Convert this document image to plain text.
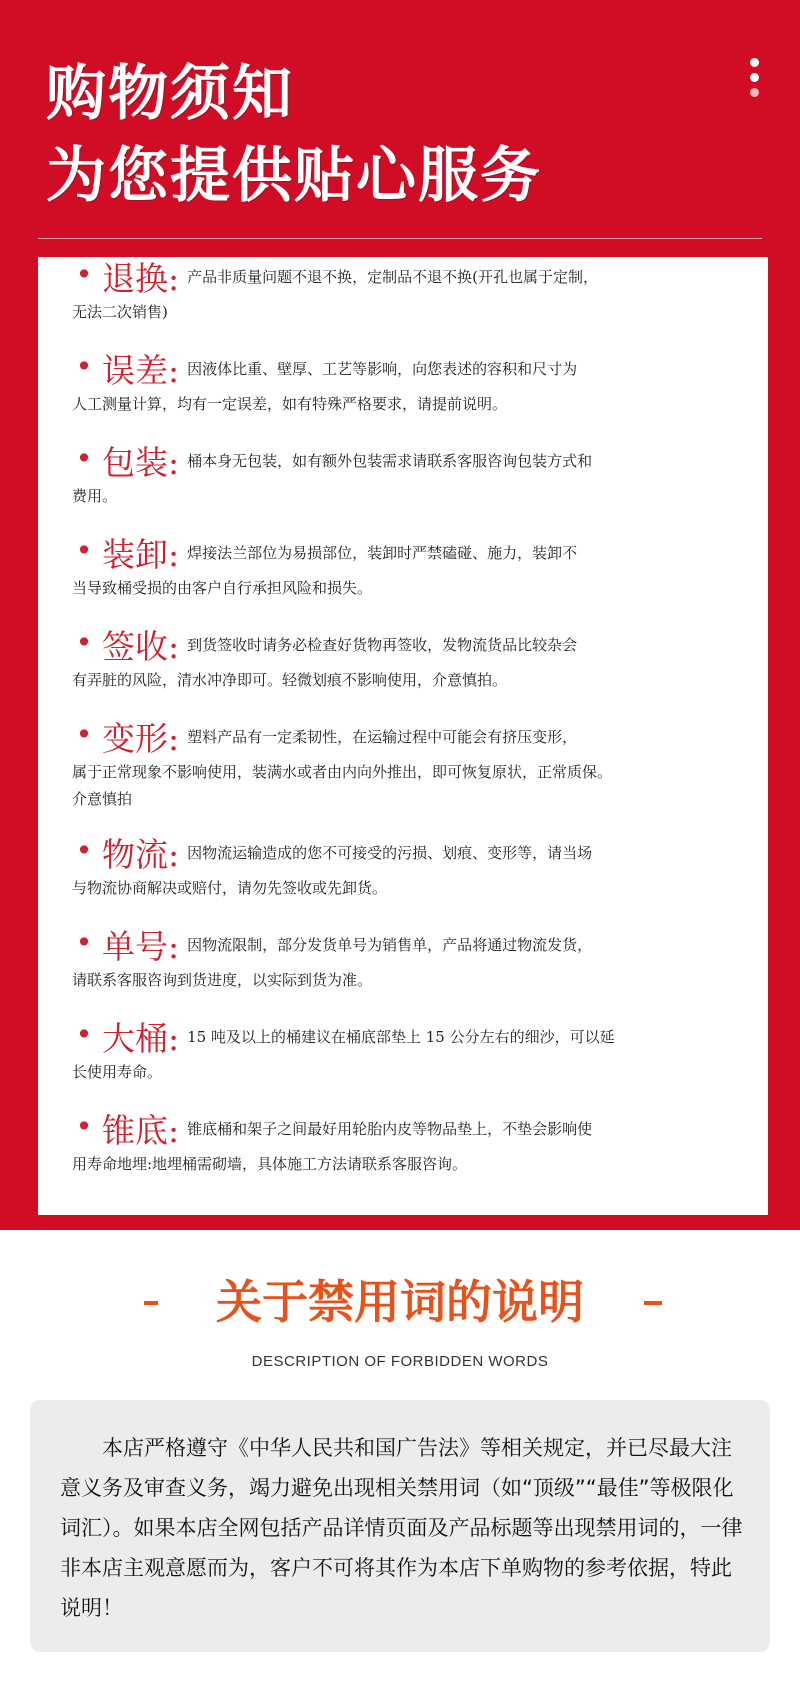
购物须知
为您提供贴心服务
• 退换: 产品非质量问题不退不换，定制品不退不换(开孔也属于定制，

无法二次销售)

• 误差: 因液体比重、壁厚、工艺等影响，向您表述的容积和尺寸为

人工测量计算，均有一定误差，如有特殊严格要求，请提前说明。

• 包装: 桶本身无包装，如有额外包装需求请联系客服咨询包装方式和

费用。

• 装卸: 焊接法兰部位为易损部位，装卸时严禁磕碰、施力，装卸不

当导致桶受损的由客户自行承担风险和损失。

• 签收: 到货签收时请务必检查好货物再签收，发物流货品比较杂会

有弄脏的风险，清水冲净即可。轻微划痕不影响使用，介意慎拍。

• 变形: 塑料产品有一定柔韧性，在运输过程中可能会有挤压变形，

属于正常现象不影响使用，装满水或者由内向外推出，即可恢复原状，正常质保。

介意慎拍

• 物流: 因物流运输造成的您不可接受的污损、划痕、变形等，请当场

与物流协商解决或赔付，请勿先签收或先卸货。

• 单号: 因物流限制，部分发货单号为销售单，产品将通过物流发货，

请联系客服咨询到货进度，以实际到货为准。

• 大桶: 15 吨及以上的桶建议在桶底部垫上 15 公分左右的细沙，可以延

长使用寿命。

• 锥底: 锥底桶和架子之间最好用轮胎内皮等物品垫上，不垫会影响使

用寿命地埋:地埋桶需砌墙，具体施工方法请联系客服咨询。

关于禁用词的说明

DESCRIPTION OF FORBIDDEN WORDS

本店严格遵守《中华人民共和国广告法》等相关规定，并已尽最大注意义务及审查义务，竭力避免出现相关禁用词（如“顶级”“最佳”等极限化词汇）。如果本店全网包括产品详情页面及产品标题等出现禁用词的，一律非本店主观意愿而为，客户不可将其作为本店下单购物的参考依据，特此说明！
